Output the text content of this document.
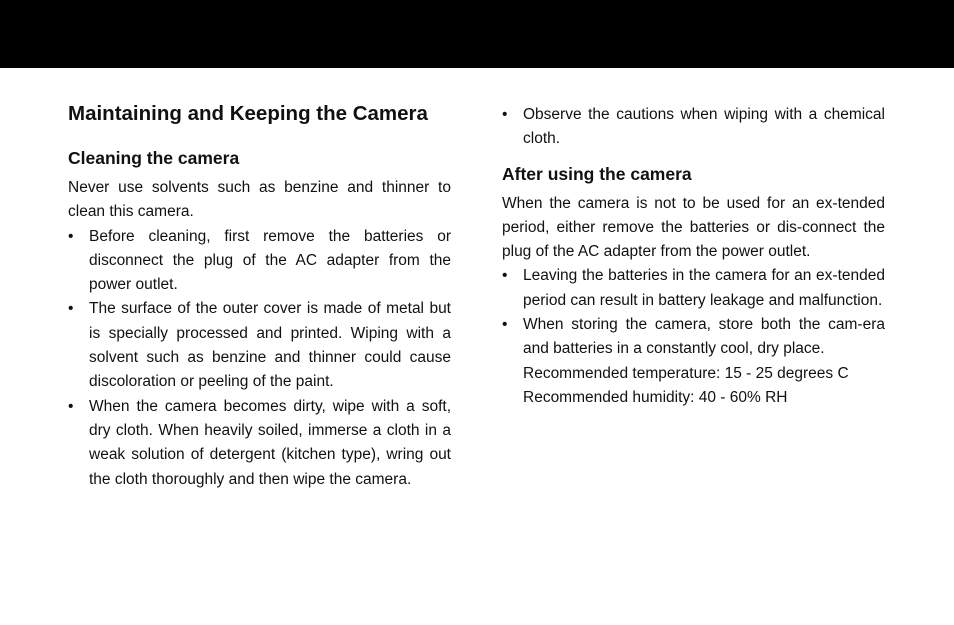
Maintaining and Keeping the Camera
Cleaning the camera

Never use solvents such as benzine and thinner to clean this camera.

•	Before cleaning, first remove the batteries or disconnect the plug of the AC adapter from the power outlet.
•	The surface of the outer cover is made of metal but is specially processed and printed. Wiping with a solvent such as benzine and thinner could cause discoloration or peeling of the paint.
•	When the camera becomes dirty, wipe with a soft, dry cloth. When heavily soiled, immerse a cloth in a weak solution of detergent (kitchen type), wring out the cloth thoroughly and then wipe the camera.
•	Observe the cautions when wiping with a chemical cloth.
After using the camera

When the camera is not to be used for an ex-tended period, either remove the batteries or dis-connect the plug of the AC adapter from the power outlet.

•	Leaving the batteries in the camera for an ex-tended period can result in battery leakage and malfunction.
•	When storing the camera, store both the cam-era and batteries in a constantly cool, dry place.
Recommended temperature: 15 - 25 degrees C
Recommended humidity: 40 - 60% RH
